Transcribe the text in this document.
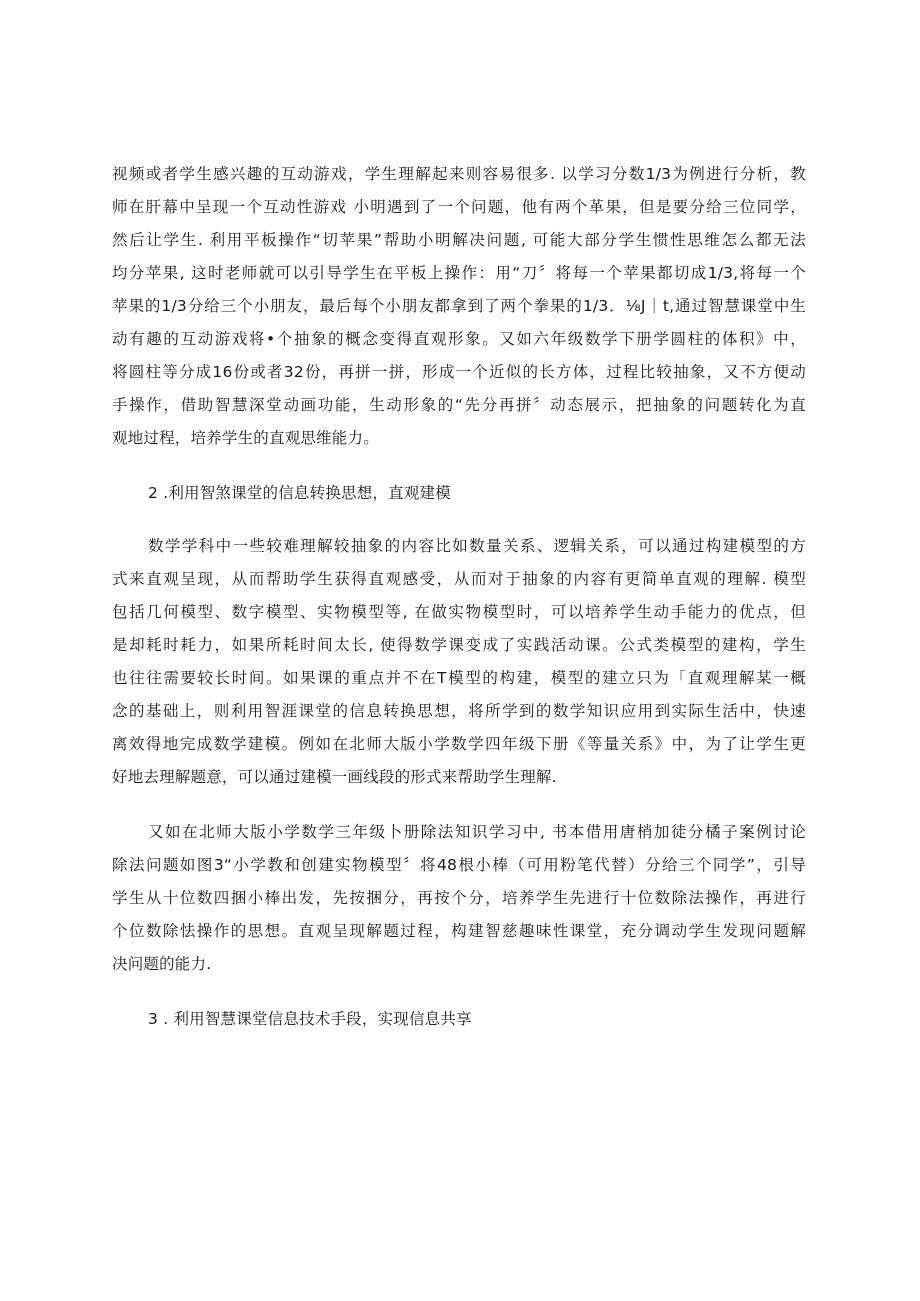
视频或者学生感兴趣的互动游戏，学生理解起来则容易很多. 以学习分数1/3为例进行分析，教
师在肝幕中呈现一个互动性游戏 小明遇到了一个问题，他有两个革果，但是要分给三位同学，
然后让学生. 利用平板操作“切苹果”帮助小明解决问题, 可能大部分学生惯性思维怎么都无法
均分苹果, 这时老师就可以引导学生在平板上操作：用“刀〞将每一个苹果都切成1/3,将每一个
苹果的1/3分给三个小朋友，最后每个小朋友都拿到了两个拳果的1/3．⅛J｜t,通过智慧课堂中生
动有趣的互动游戏将•个抽象的概念变得直观形象。又如六年级数学下册学圆柱的体积》中，
将圆柱等分成16份或者32份，再拼一拼，形成一个近似的长方体，过程比较抽象，又不方便动
手操作，借助智慧深堂动画功能，生动形象的“先分再拼〞动态展示，把抽象的问题转化为直
观地过程，培养学生的直观思维能力。

2 .利用智煞课堂的信息转换思想，直观建模

数学学科中一些较难理解较抽象的内容比如数量关系、逻辑关系，可以通过构建模型的方
式来直观呈现，从而帮助学生获得直观感受，从而对于抽象的内容有更简单直观的理解. 模型
包括几何模型、数字模型、实物模型等, 在做实物模型时，可以培养学生动手能力的优点，但
是却耗时耗力，如果所耗时间太长, 使得数学课变成了实践活动课。公式类模型的建构，学生
也往往需要较长时间。如果课的重点并不在T模型的构建，模型的建立只为「直观理解某一概
念的基础上，则利用智涯课堂的信息转换思想，将所学到的数学知识应用到实际生活中，快速
离效得地完成数学建模。例如在北师大版小学数学四年级下册《等量关系》中，为了让学生更
好地去理解题意，可以通过建模一画线段的形式来帮助学生理解.
又如在北师大版小学数学三年级卜册除法知识学习中, 书本借用唐梢加徒分橘子案例讨论
除法问题如图3“小学教和创建实物模型〞将48根小棒（可用粉笔代替）分给三个同学”，引导
学生从十位数四捆小棒出发，先按捆分，再按个分，培养学生先进行十位数除法操作，再进行
个位数除怯操作的思想。直观呈现解题过程，构建智慈趣味性课堂，充分调动学生发现问题解
决问题的能力.

3 . 利用智慧课堂信息技术手段，实现信息共享
